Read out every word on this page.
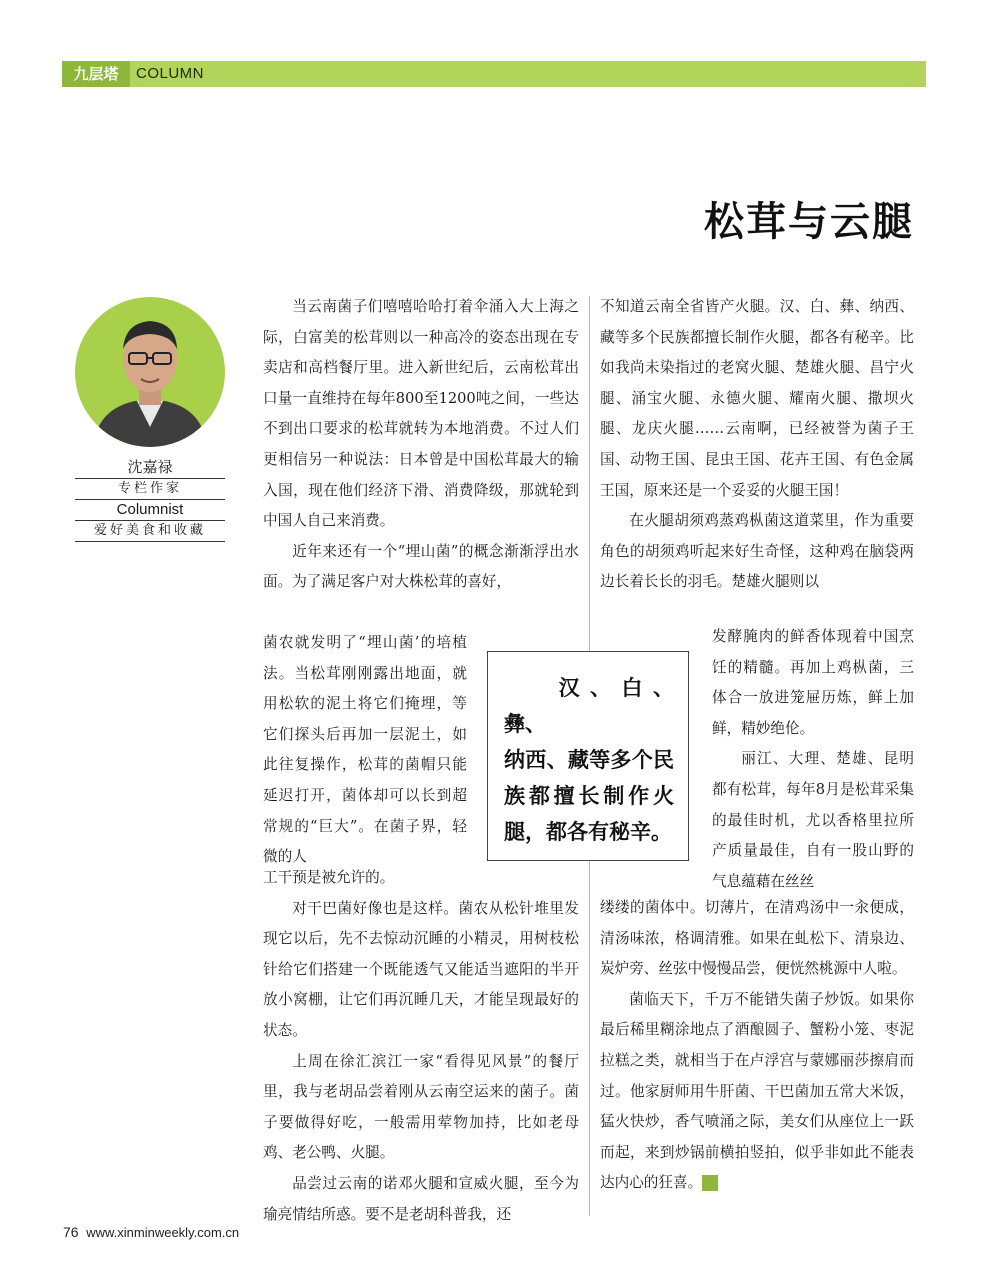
九层塔	COLUMN
松茸与云腿
沈嘉禄
专栏作家
Columnist
爱好美食和收藏

当云南菌子们嘻嘻哈哈打着伞涌入大上海之际，白富美的松茸则以一种高冷的姿态出现在专卖店和高档餐厅里。进入新世纪后，云南松茸出口量一直维持在每年800至1200吨之间，一些达不到出口要求的松茸就转为本地消费。不过人们更相信另一种说法：日本曾是中国松茸最大的输入国，现在他们经济下滑、消费降级，那就轮到中国人自己来消费。

近年来还有一个“埋山菌”的概念渐渐浮出水面。为了满足客户对大株松茸的喜好，

菌农就发明了“埋山菌’的培植法。当松茸刚刚露出地面，就用松软的泥土将它们掩埋，等它们探头后再加一层泥土，如此往复操作，松茸的菌帽只能延迟打开，菌体却可以长到超常规的“巨大”。在菌子界，轻微的人

工干预是被允许的。

对干巴菌好像也是这样。菌农从松针堆里发现它以后，先不去惊动沉睡的小精灵，用树枝松针给它们搭建一个既能透气又能适当遮阳的半开放小窝棚，让它们再沉睡几天，才能呈现最好的状态。

上周在徐汇滨江一家“看得见风景”的餐厅里，我与老胡品尝着刚从云南空运来的菌子。菌子要做得好吃，一般需用荤物加持，比如老母鸡、老公鸭、火腿。

品尝过云南的诺邓火腿和宣威火腿，至今为瑜亮情结所惑。要不是老胡科普我，还

不知道云南全省皆产火腿。汉、白、彝、纳西、藏等多个民族都擅长制作火腿，都各有秘辛。比如我尚未染指过的老窝火腿、楚雄火腿、昌宁火腿、涌宝火腿、永德火腿、耀南火腿、撒坝火腿、龙庆火腿……云南啊，已经被誉为菌子王国、动物王国、昆虫王国、花卉王国、有色金属王国，原来还是一个妥妥的火腿王国！

在火腿胡须鸡蒸鸡枞菌这道菜里，作为重要角色的胡须鸡听起来好生奇怪，这种鸡在脑袋两边长着长长的羽毛。楚雄火腿则以

发酵腌肉的鲜香体现着中国烹饪的精髓。再加上鸡枞菌，三体合一放进笼屉历炼，鲜上加鲜，精妙绝伦。

丽江、大理、楚雄、昆明都有松茸，每年8月是松茸采集的最佳时机，尤以香格里拉所产质量最佳，自有一股山野的气息蕴藉在丝丝

缕缕的菌体中。切薄片，在清鸡汤中一汆便成，清汤味浓，格调清雅。如果在虬松下、清泉边、炭炉旁、丝弦中慢慢品尝，便恍然桃源中人啦。

菌临天下，千万不能错失菌子炒饭。如果你最后稀里糊涂地点了酒酿圆子、蟹粉小笼、枣泥拉糕之类，就相当于在卢浮宫与蒙娜丽莎擦肩而过。他家厨师用牛肝菌、干巴菌加五常大米饭，猛火快炒，香气喷涌之际，美女们从座位上一跃而起，来到炒锅前横拍竖拍，似乎非如此不能表达内心的狂喜。	民

汉、白、彝、
纳西、藏等多个民族都擅长制作火腿，都各有秘辛。
76 www.xinminweekly.com.cn
